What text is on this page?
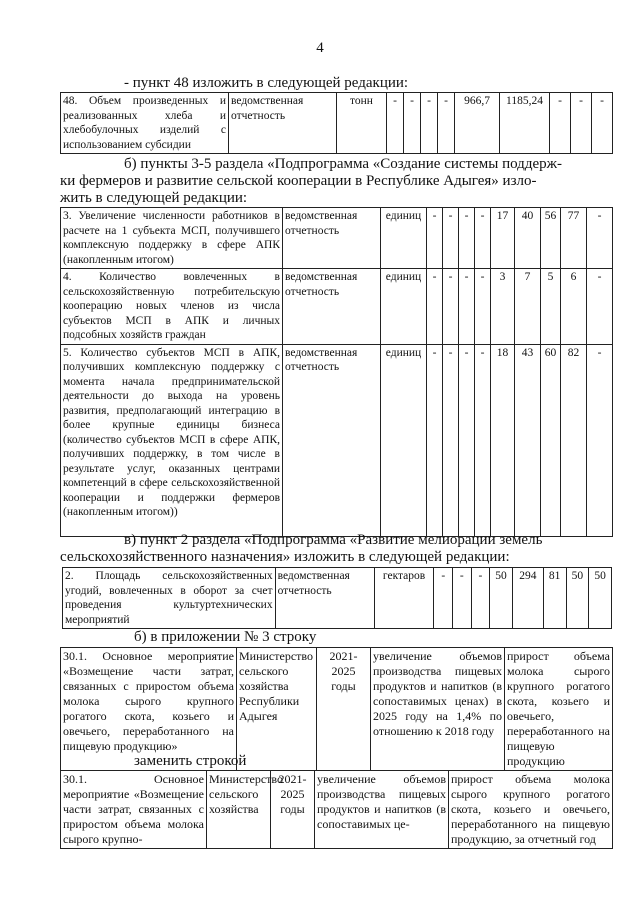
4
- пункт 48 изложить в следующей редакции:
48. Объем произведенных и реализованных хлеба и хлебобулочных изделий с использованием субсидии	ведомственная отчетность	тонн	-	-	-	-	966,7	1185,24	-	-	-
б) пункты 3-5 раздела «Подпрограмма «Создание системы поддерж-
ки фермеров и развитие сельской кооперации в Республике Адыгея» изло-
жить в следующей редакции:
3. Увеличение численности работников в расчете на 1 субъекта МСП, получившего комплексную поддержку в сфере АПК (накопленным итогом)	ведомственная отчетность	единиц	-	-	-	-	17	40	56	77	-
4. Количество вовлеченных в сельскохозяйственную потребительскую кооперацию новых членов из числа субъектов МСП в АПК и личных подсобных хозяйств граждан	ведомственная отчетность	единиц	-	-	-	-	3	7	5	6	-
5. Количество субъектов МСП в АПК, получивших комплексную поддержку с момента начала предпринимательской деятельности до выхода на уровень развития, предполагающий интеграцию в более крупные единицы бизнеса (количество субъектов МСП в сфере АПК, получивших поддержку, в том числе в результате услуг, оказанных центрами компетенций в сфере сельскохозяйственной кооперации и поддержки фермеров (накопленным итогом))	ведомственная отчетность	единиц	-	-	-	-	18	43	60	82	-
в) пункт 2 раздела «Подпрограмма «Развитие мелиорации земель
сельскохозяйственного назначения» изложить в следующей редакции:
2. Площадь сельскохозяйственных угодий, вовлеченных в оборот за счет проведения культуртехнических мероприятий	ведомственная отчетность	гектаров	-	-	-	50	294	81	50	50
б) в приложении № 3 строку
30.1. Основное мероприятие «Возмещение части затрат, связанных с приростом объема молока сырого крупного рогатого скота, козьего и овечьего, переработанного на пищевую продукцию»	Министерство сельского хозяйства Республики Адыгея	2021-2025 годы	увеличение объемов производства пищевых продуктов и напитков (в сопоставимых ценах) в 2025 году на 1,4% по отношению к 2018 году	прирост объема молока сырого крупного рогатого скота, козьего и овечьего, переработанного на пищевую продукцию
заменить строкой
30.1. Основное мероприятие «Возмещение части затрат, связанных с приростом объема молока сырого крупно-	Министерство сельского хозяйства	2021-2025 годы	увеличение объемов производства пищевых продуктов и напитков (в сопоставимых це-	прирост объема молока сырого крупного рогатого скота, козьего и овечьего, переработанного на пищевую продукцию, за отчетный год
